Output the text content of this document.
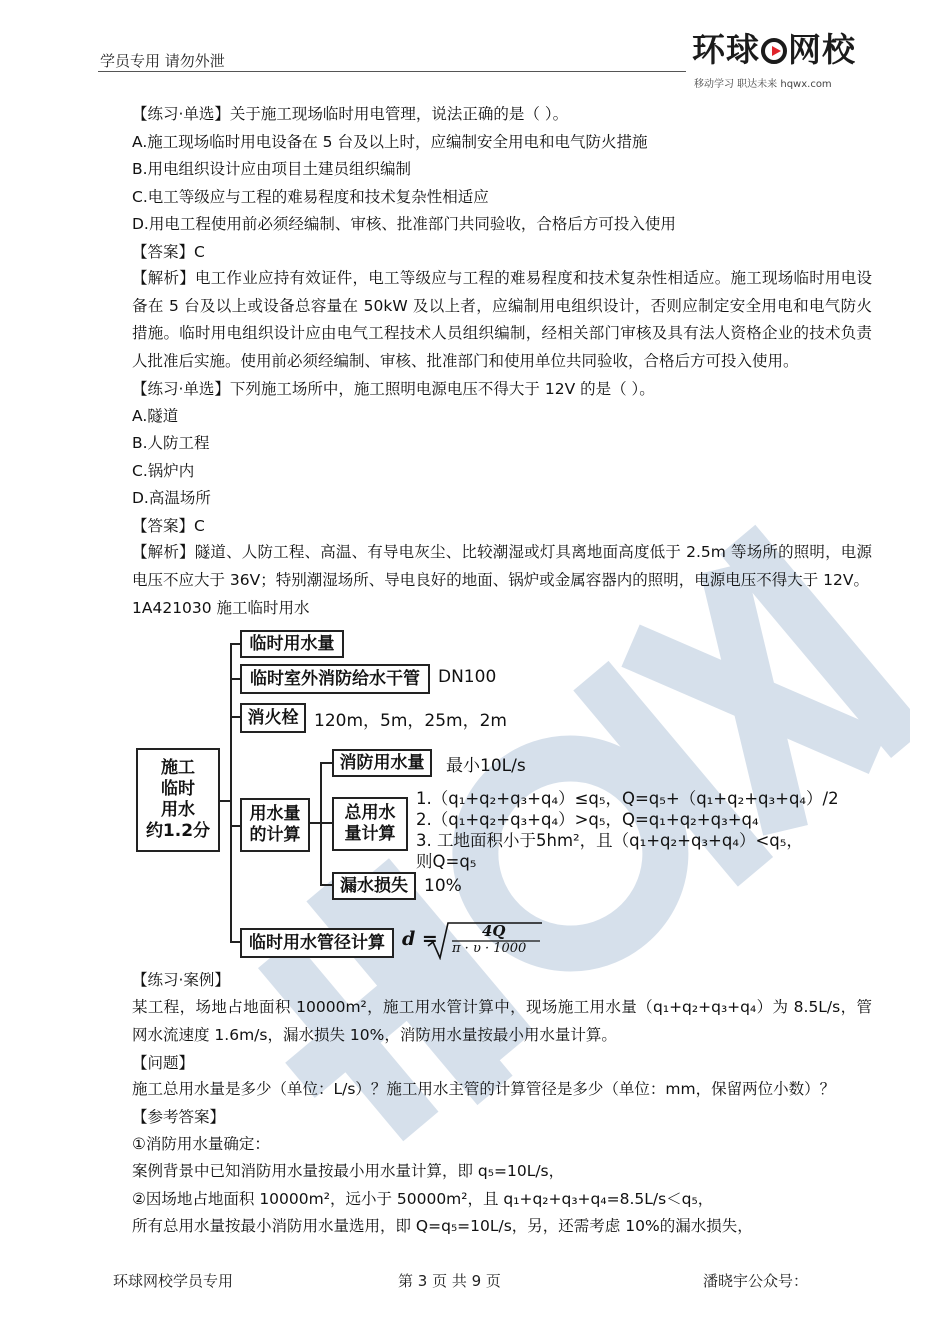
学员专用 请勿外泄	环球 网校
移动学习 职达未来 hqwx.com
【练习·单选】关于施工现场临时用电管理，说法正确的是（ ）。
A.施工现场临时用电设备在 5 台及以上时，应编制安全用电和电气防火措施
B.用电组织设计应由项目土建员组织编制
C.电工等级应与工程的难易程度和技术复杂性相适应
D.用电工程使用前必须经编制、审核、批准部门共同验收，合格后方可投入使用
【答案】C
【解析】电工作业应持有效证件，电工等级应与工程的难易程度和技术复杂性相适应。施工现场临时用电设备在 5 台及以上或设备总容量在 50kW 及以上者，应编制用电组织设计，否则应制定安全用电和电气防火措施。临时用电组织设计应由电气工程技术人员组织编制，经相关部门审核及具有法人资格企业的技术负责人批准后实施。使用前必须经编制、审核、批准部门和使用单位共同验收，合格后方可投入使用。
【练习·单选】下列施工场所中，施工照明电源电压不得大于 12V 的是（ ）。
A.隧道
B.人防工程
C.锅炉内
D.高温场所
【答案】C
【解析】隧道、人防工程、高温、有导电灰尘、比较潮湿或灯具离地面高度低于 2.5m 等场所的照明，电源电压不应大于 36V；特别潮湿场所、导电良好的地面、锅炉或金属容器内的照明，电源电压不得大于 12V。
1A421030 施工临时用水
施工
临时
用水
约1.2分
临时用水量
临时室外消防给水干管	DN100
消火栓 120m，5m，25m，2m
用水量
的计算
消防用水量	最小10L/s
总用水
量计算
1.（q₁+q₂+q₃+q₄）≤q₅，Q=q₅+（q₁+q₂+q₃+q₄）/2
2.（q₁+q₂+q₃+q₄）>q₅，Q=q₁+q₂+q₃+q₄
3. 工地面积小于5hm²，且（q₁+q₂+q₃+q₄）<q₅，
则Q=q₅
漏水损失 10%
临时用水管径计算 d =	4Q
π · υ · 1000
【练习·案例】
某工程，场地占地面积 10000m²，施工用水管计算中，现场施工用水量（q₁+q₂+q₃+q₄）为 8.5L/s，管网水流速度 1.6m/s，漏水损失 10%，消防用水量按最小用水量计算。
【问题】
施工总用水量是多少（单位：L/s）？施工用水主管的计算管径是多少（单位：mm，保留两位小数）？
【参考答案】
①消防用水量确定：
案例背景中已知消防用水量按最小用水量计算，即 q₅=10L/s，
②因场地占地面积 10000m²，远小于 50000m²，且 q₁+q₂+q₃+q₄=8.5L/s＜q₅，
所有总用水量按最小消防用水量选用，即 Q=q₅=10L/s，另，还需考虑 10%的漏水损失，
环球网校学员专用	第 3 页 共 9 页	潘晓宇公众号：
